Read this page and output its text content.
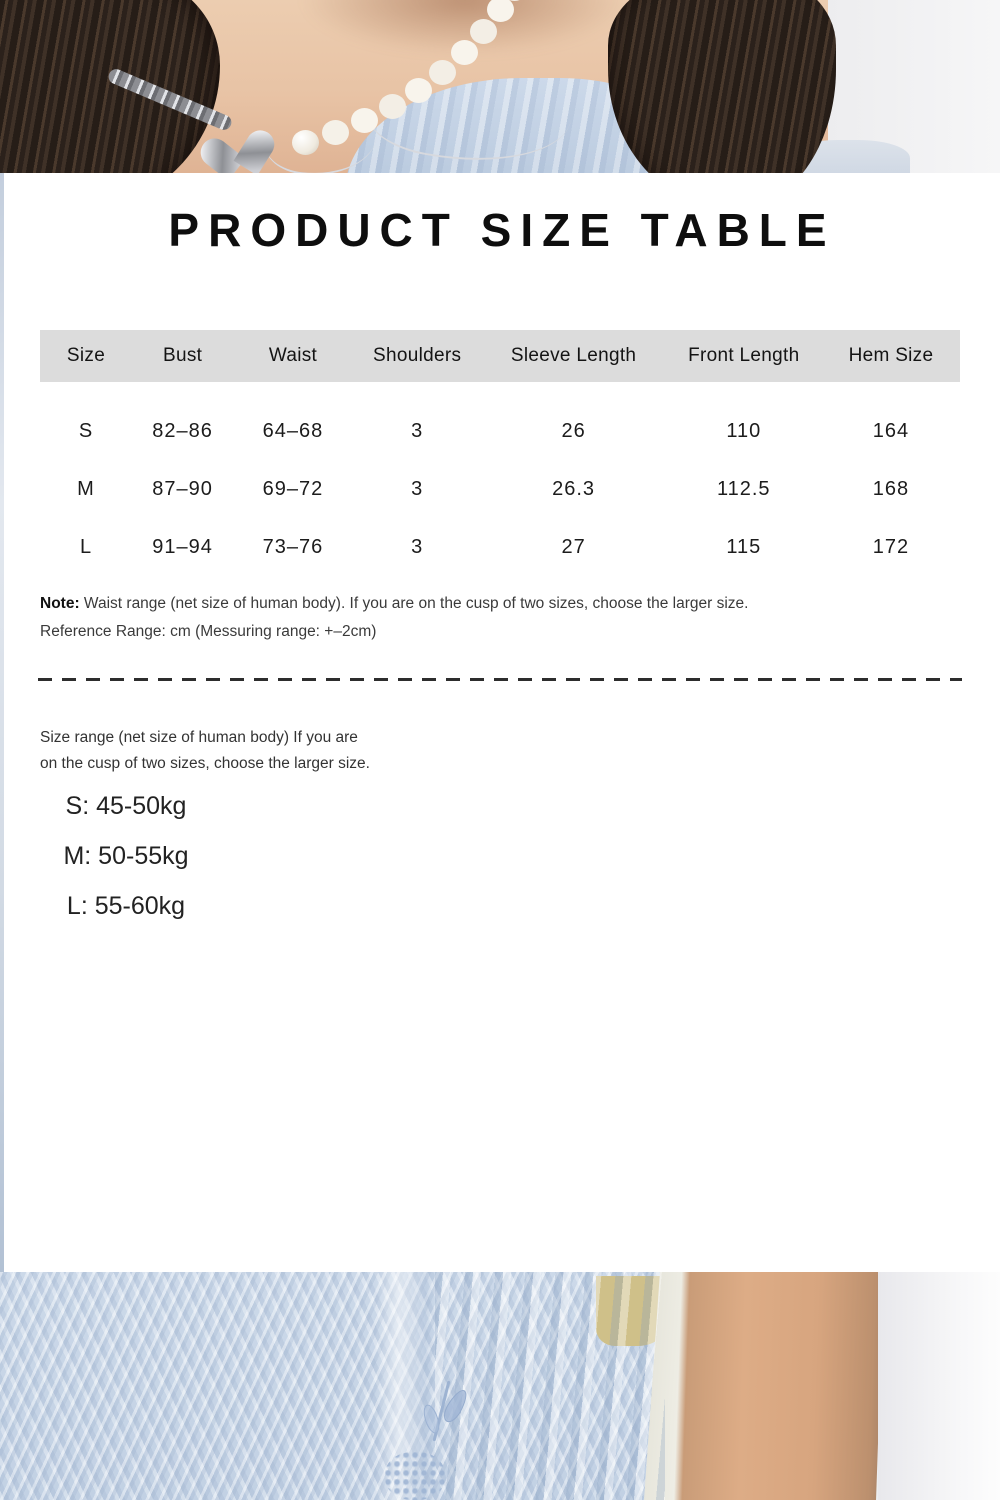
PRODUCT SIZE TABLE
Size	Bust	Waist	Shoulders	Sleeve Length	Front Length	Hem Size

S	82–86	64–68	3	26	110	164
M	87–90	69–72	3	26.3	112.5	168
L	91–94	73–76	3	27	115	172
Note: Waist range (net size of human body). If you are on the cusp of two sizes, choose the larger size.
Reference Range: cm (Messuring range: +–2cm)
Size range (net size of human body) If you are
on the cusp of two sizes, choose the larger size.
S: 45-50kg
M: 50-55kg
L: 55-60kg
